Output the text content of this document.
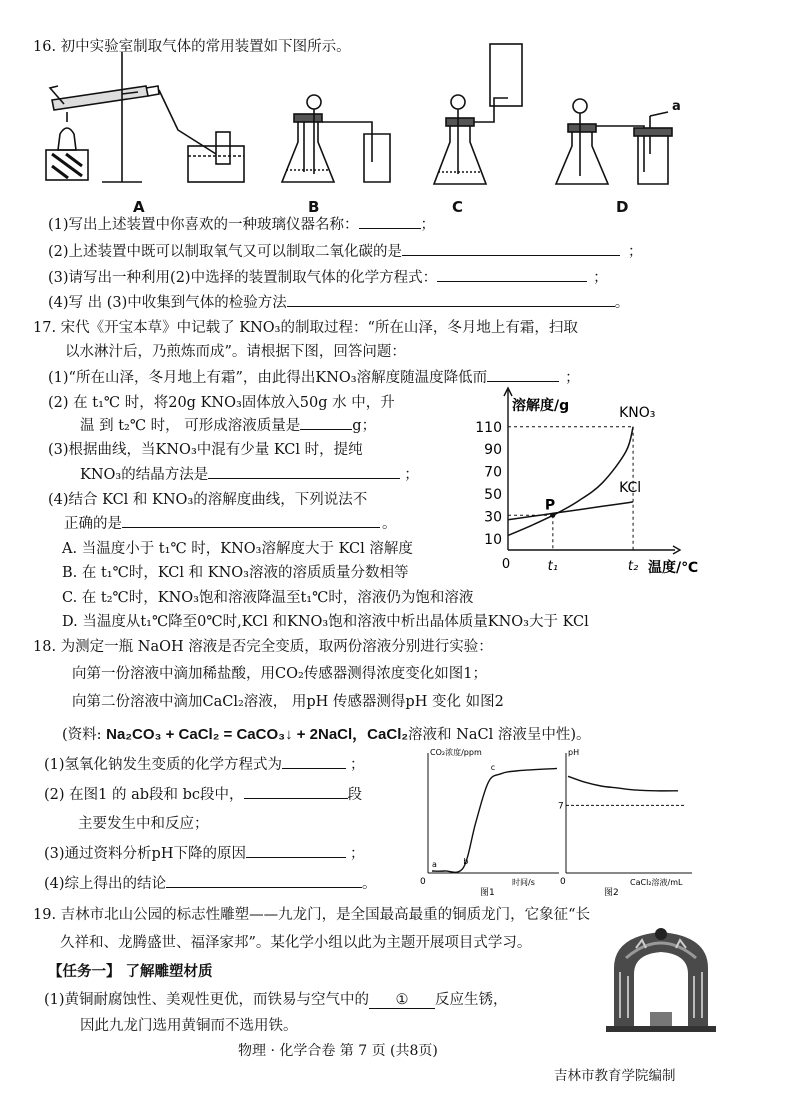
16. 初中实验室制取气体的常用装置如下图所示。
A	B	C
a
D
(1)写出上述装置中你喜欢的一种玻璃仪器名称：	；
(2)上述装置中既可以制取氧气又可以制取二氧化碳的是	；
(3)请写出一种利用(2)中选择的装置制取气体的化学方程式：	；
(4)写 出 (3)中收集到气体的检验方法	。
17. 宋代《开宝本草》中记载了 KNO₃的制取过程：“所在山泽，冬月地上有霜，扫取
以水淋汁后，乃煎炼而成”。请根据下图，回答问题：
(1)“所在山泽，冬月地上有霜”，由此得出KNO₃溶解度随温度降低而	；
(2) 在 t₁℃ 时，将20g KNO₃固体放入50g 水 中，升
温 到 t₂℃ 时， 可形成溶液质量是	g；
(3)根据曲线，当KNO₃中混有少量 KCl 时，提纯
KNO₃的结晶方法是	；
(4)结合 KCl 和 KNO₃的溶解度曲线，下列说法不
正确的是	。
A. 当温度小于 t₁℃ 时，KNO₃溶解度大于 KCl 溶解度
B. 在 t₁℃时，KCl 和 KNO₃溶液的溶质质量分数相等
C. 在 t₂℃时，KNO₃饱和溶液降温至t₁℃时，溶液仍为饱和溶液
D. 当温度从t₁℃降至0℃时,KCl 和KNO₃饱和溶液中析出晶体质量KNO₃大于 KCl
溶解度/g
温度/℃
10
30
50
70
90
110
0	t₁	t₂
KNO₃
KCl
P
18. 为测定一瓶 NaOH 溶液是否完全变质，取两份溶液分别进行实验：
向第一份溶液中滴加稀盐酸，用CO₂传感器测得浓度变化如图1；
向第二份溶液中滴加CaCl₂溶液， 用pH 传感器测得pH 变化 如图2
(资料: Na₂CO₃ + CaCl₂ = CaCO₃↓ + 2NaCl，CaCl₂溶液和 NaCl 溶液呈中性)。
(1)氢氧化钠发生变质的化学方程式为	；
(2) 在图1 的 ab段和 bc段中，	段
主要发生中和反应；
(3)通过资料分析pH下降的原因	；
(4)综上得出的结论	。
CO₂浓度/ppm
时间/s
0
图1
a	b
c
pH
CaCl₂溶液/mL
0
图2
7
19. 吉林市北山公园的标志性雕塑——九龙门，是全国最高最重的铜质龙门，它象征“长
久祥和、龙腾盛世、福泽家邦”。某化学小组以此为主题开展项目式学习。
【任务一】 了解雕塑材质
(1)黄铜耐腐蚀性、美观性更优，而铁易与空气中的 ① 反应生锈，
因此九龙门选用黄铜而不选用铁。
物理 · 化学合卷 第 7 页 (共8页)
吉林市教育学院编制
